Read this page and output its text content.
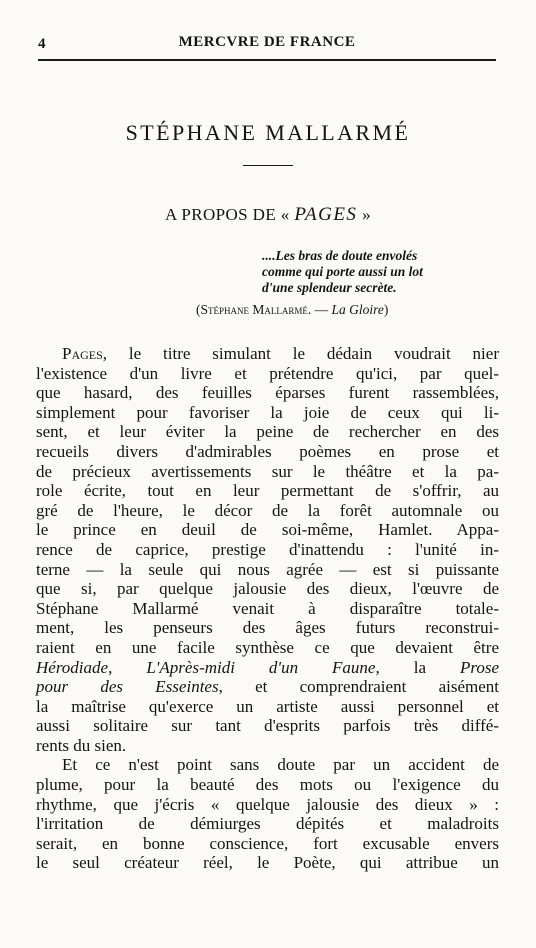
4	MERCVRE DE FRANCE
STÉPHANE MALLARMÉ
A PROPOS DE « PAGES »
....Les bras de doute envolés
comme qui porte aussi un lot
d'une splendeur secrète.
(Stéphane Mallarmé. — La Gloire)
Pages, le titre simulant le dédain voudrait nier
l'existence d'un livre et prétendre qu'ici, par quel-
que hasard, des feuilles éparses furent rassemblées,
simplement pour favoriser la joie de ceux qui li-
sent, et leur éviter la peine de rechercher en des
recueils divers d'admirables poèmes en prose et
de précieux avertissements sur le théâtre et la pa-
role écrite, tout en leur permettant de s'offrir, au
gré de l'heure, le décor de la forêt automnale ou
le prince en deuil de soi-même, Hamlet. Appa-
rence de caprice, prestige d'inattendu : l'unité in-
terne — la seule qui nous agrée — est si puissante
que si, par quelque jalousie des dieux, l'œuvre de
Stéphane Mallarmé venait à disparaître totale-
ment, les penseurs des âges futurs reconstrui-
raient en une facile synthèse ce que devaient être
Hérodiade, L'Après-midi d'un Faune, la Prose
pour des Esseintes, et comprendraient aisément
la maîtrise qu'exerce un artiste aussi personnel et
aussi solitaire sur tant d'esprits parfois très diffé-
rents du sien.
Et ce n'est point sans doute par un accident de
plume, pour la beauté des mots ou l'exigence du
rhythme, que j'écris « quelque jalousie des dieux » :
l'irritation de démiurges dépités et maladroits
serait, en bonne conscience, fort excusable envers
le seul créateur réel, le Poète, qui attribue un
